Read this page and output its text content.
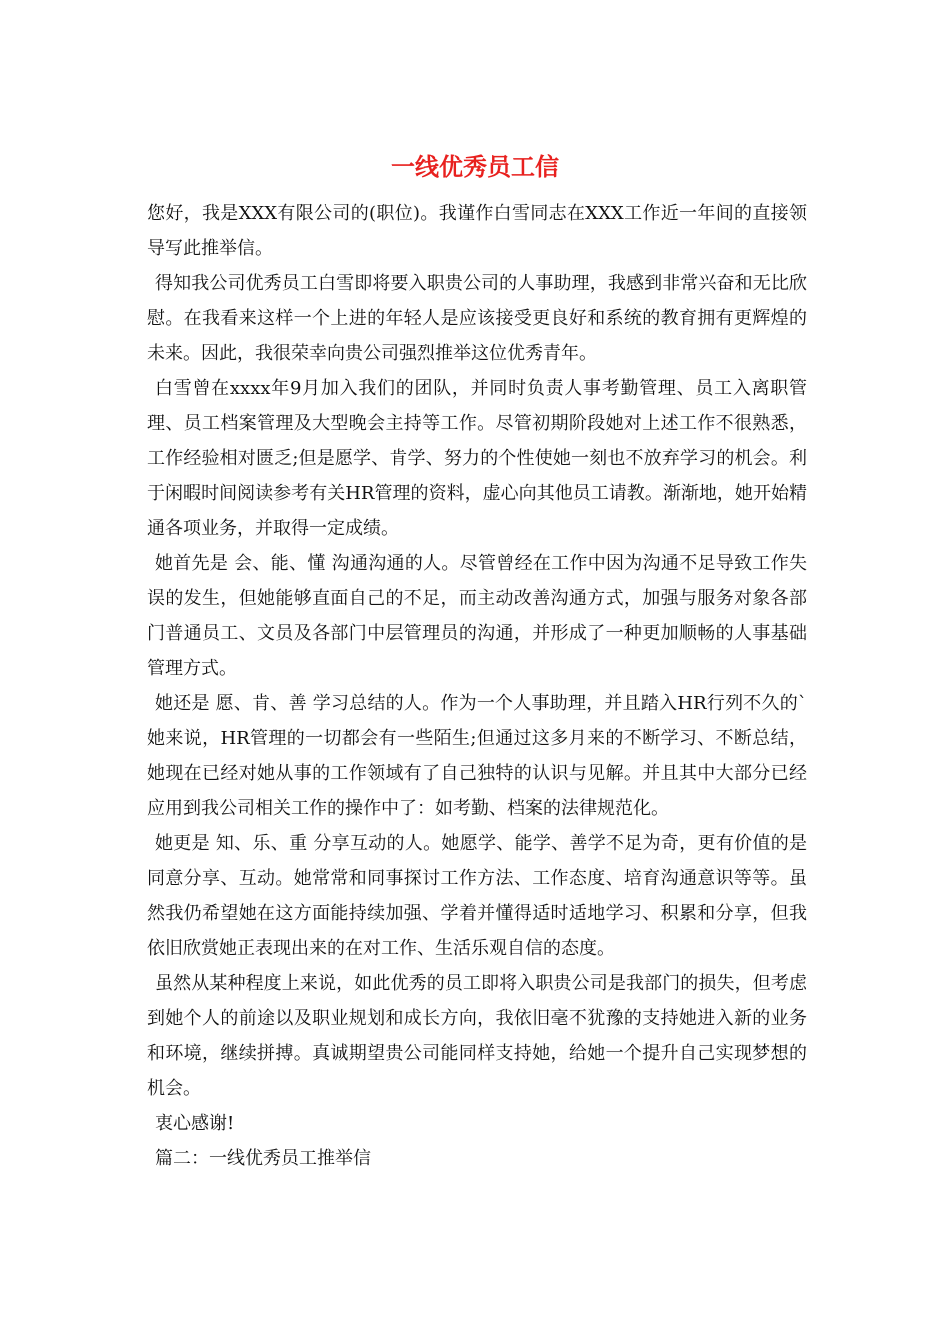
一线优秀员工信

您好，我是XXX有限公司的(职位)。我谨作白雪同志在XXX工作近一年间的直接领导写此推举信。

得知我公司优秀员工白雪即将要入职贵公司的人事助理，我感到非常兴奋和无比欣慰。在我看来这样一个上进的年轻人是应该接受更良好和系统的教育拥有更辉煌的未来。因此，我很荣幸向贵公司强烈推举这位优秀青年。

白雪曾在xxxx年9月加入我们的团队，并同时负责人事考勤管理、员工入离职管理、员工档案管理及大型晚会主持等工作。尽管初期阶段她对上述工作不很熟悉，工作经验相对匮乏;但是愿学、肯学、努力的个性使她一刻也不放弃学习的机会。利于闲暇时间阅读参考有关HR管理的资料，虚心向其他员工请教。渐渐地，她开始精通各项业务，并取得一定成绩。

她首先是 会、能、懂 沟通沟通的人。尽管曾经在工作中因为沟通不足导致工作失误的发生，但她能够直面自己的不足，而主动改善沟通方式，加强与服务对象各部门普通员工、文员及各部门中层管理员的沟通，并形成了一种更加顺畅的人事基础管理方式。

她还是 愿、肯、善 学习总结的人。作为一个人事助理，并且踏入HR行列不久的`她来说，HR管理的一切都会有一些陌生;但通过这多月来的不断学习、不断总结，她现在已经对她从事的工作领域有了自己独特的认识与见解。并且其中大部分已经应用到我公司相关工作的操作中了：如考勤、档案的法律规范化。

她更是 知、乐、重 分享互动的人。她愿学、能学、善学不足为奇，更有价值的是同意分享、互动。她常常和同事探讨工作方法、工作态度、培育沟通意识等等。虽然我仍希望她在这方面能持续加强、学着并懂得适时适地学习、积累和分享，但我依旧欣赏她正表现出来的在对工作、生活乐观自信的态度。

虽然从某种程度上来说，如此优秀的员工即将入职贵公司是我部门的损失，但考虑到她个人的前途以及职业规划和成长方向，我依旧毫不犹豫的支持她进入新的业务和环境，继续拼搏。真诚期望贵公司能同样支持她，给她一个提升自己实现梦想的机会。

衷心感谢!

篇二：一线优秀员工推举信
